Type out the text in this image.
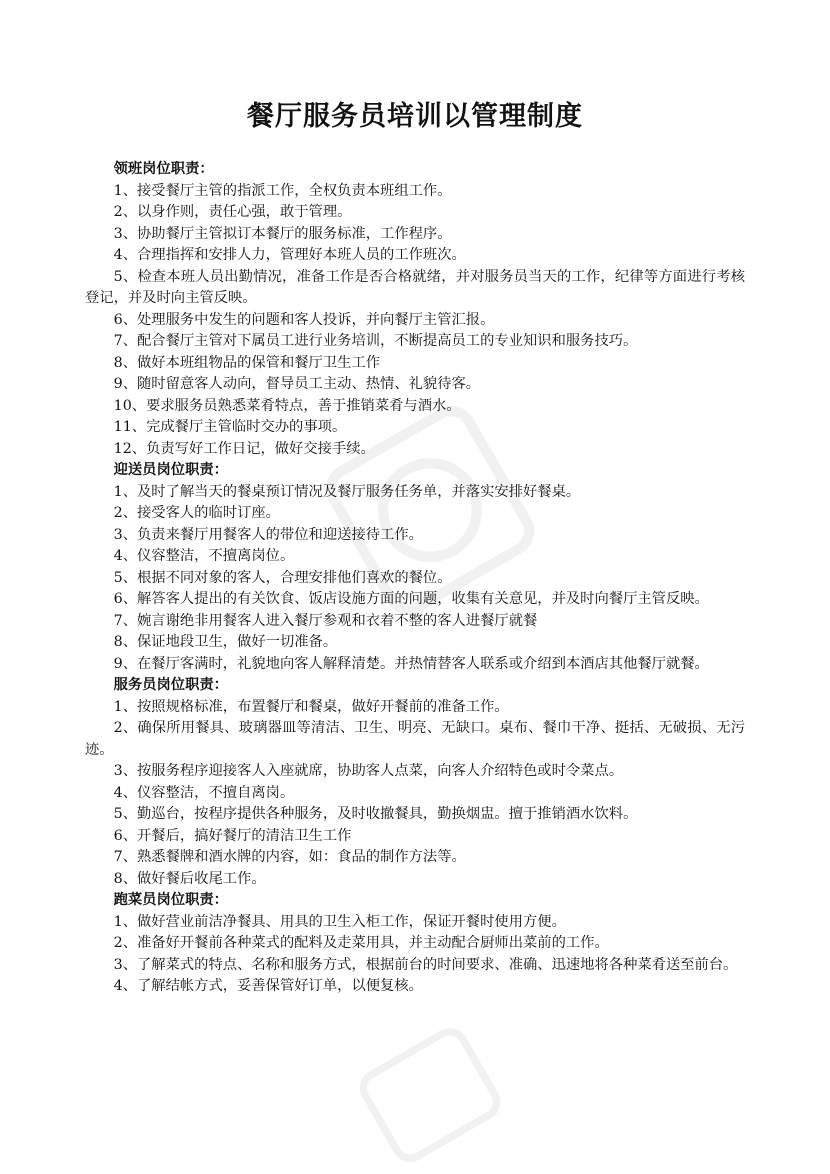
餐厅服务员培训以管理制度

领班岗位职责：

1、接受餐厅主管的指派工作，全权负责本班组工作。

2、以身作则，责任心强，敢于管理。

3、协助餐厅主管拟订本餐厅的服务标准，工作程序。

4、合理指挥和安排人力，管理好本班人员的工作班次。

5、检查本班人员出勤情况，准备工作是否合格就绪，并对服务员当天的工作，纪律等方面进行考核登记，并及时向主管反映。

6、处理服务中发生的问题和客人投诉，并向餐厅主管汇报。

7、配合餐厅主管对下属员工进行业务培训，不断提高员工的专业知识和服务技巧。

8、做好本班组物品的保管和餐厅卫生工作

9、随时留意客人动向，督导员工主动、热情、礼貌待客。

10、要求服务员熟悉菜肴特点，善于推销菜肴与酒水。

11、完成餐厅主管临时交办的事项。

12、负责写好工作日记，做好交接手续。

迎送员岗位职责：

1、及时了解当天的餐桌预订情况及餐厅服务任务单，并落实安排好餐桌。

2、接受客人的临时订座。

3、负责来餐厅用餐客人的带位和迎送接待工作。

4、仪容整洁，不擅离岗位。

5、根据不同对象的客人，合理安排他们喜欢的餐位。

6、解答客人提出的有关饮食、饭店设施方面的问题，收集有关意见，并及时向餐厅主管反映。

7、婉言谢绝非用餐客人进入餐厅参观和衣着不整的客人进餐厅就餐

8、保证地段卫生，做好一切准备。

9、在餐厅客满时，礼貌地向客人解释清楚。并热情替客人联系或介绍到本酒店其他餐厅就餐。

服务员岗位职责：

1、按照规格标准，布置餐厅和餐桌，做好开餐前的准备工作。

2、确保所用餐具、玻璃器皿等清洁、卫生、明亮、无缺口。桌布、餐巾干净、挺括、无破损、无污迹。

3、按服务程序迎接客人入座就席，协助客人点菜，向客人介绍特色或时令菜点。

4、仪容整洁，不擅自离岗。

5、勤巡台，按程序提供各种服务，及时收撤餐具，勤换烟盅。擅于推销酒水饮料。

6、开餐后，搞好餐厅的清洁卫生工作

7、熟悉餐牌和酒水牌的内容，如：食品的制作方法等。

8、做好餐后收尾工作。

跑菜员岗位职责：

1、做好营业前洁净餐具、用具的卫生入柜工作，保证开餐时使用方便。

2、准备好开餐前各种菜式的配料及走菜用具，并主动配合厨师出菜前的工作。

3、了解菜式的特点、名称和服务方式，根据前台的时间要求、准确、迅速地将各种菜肴送至前台。

4、了解结帐方式，妥善保管好订单，以便复核。
